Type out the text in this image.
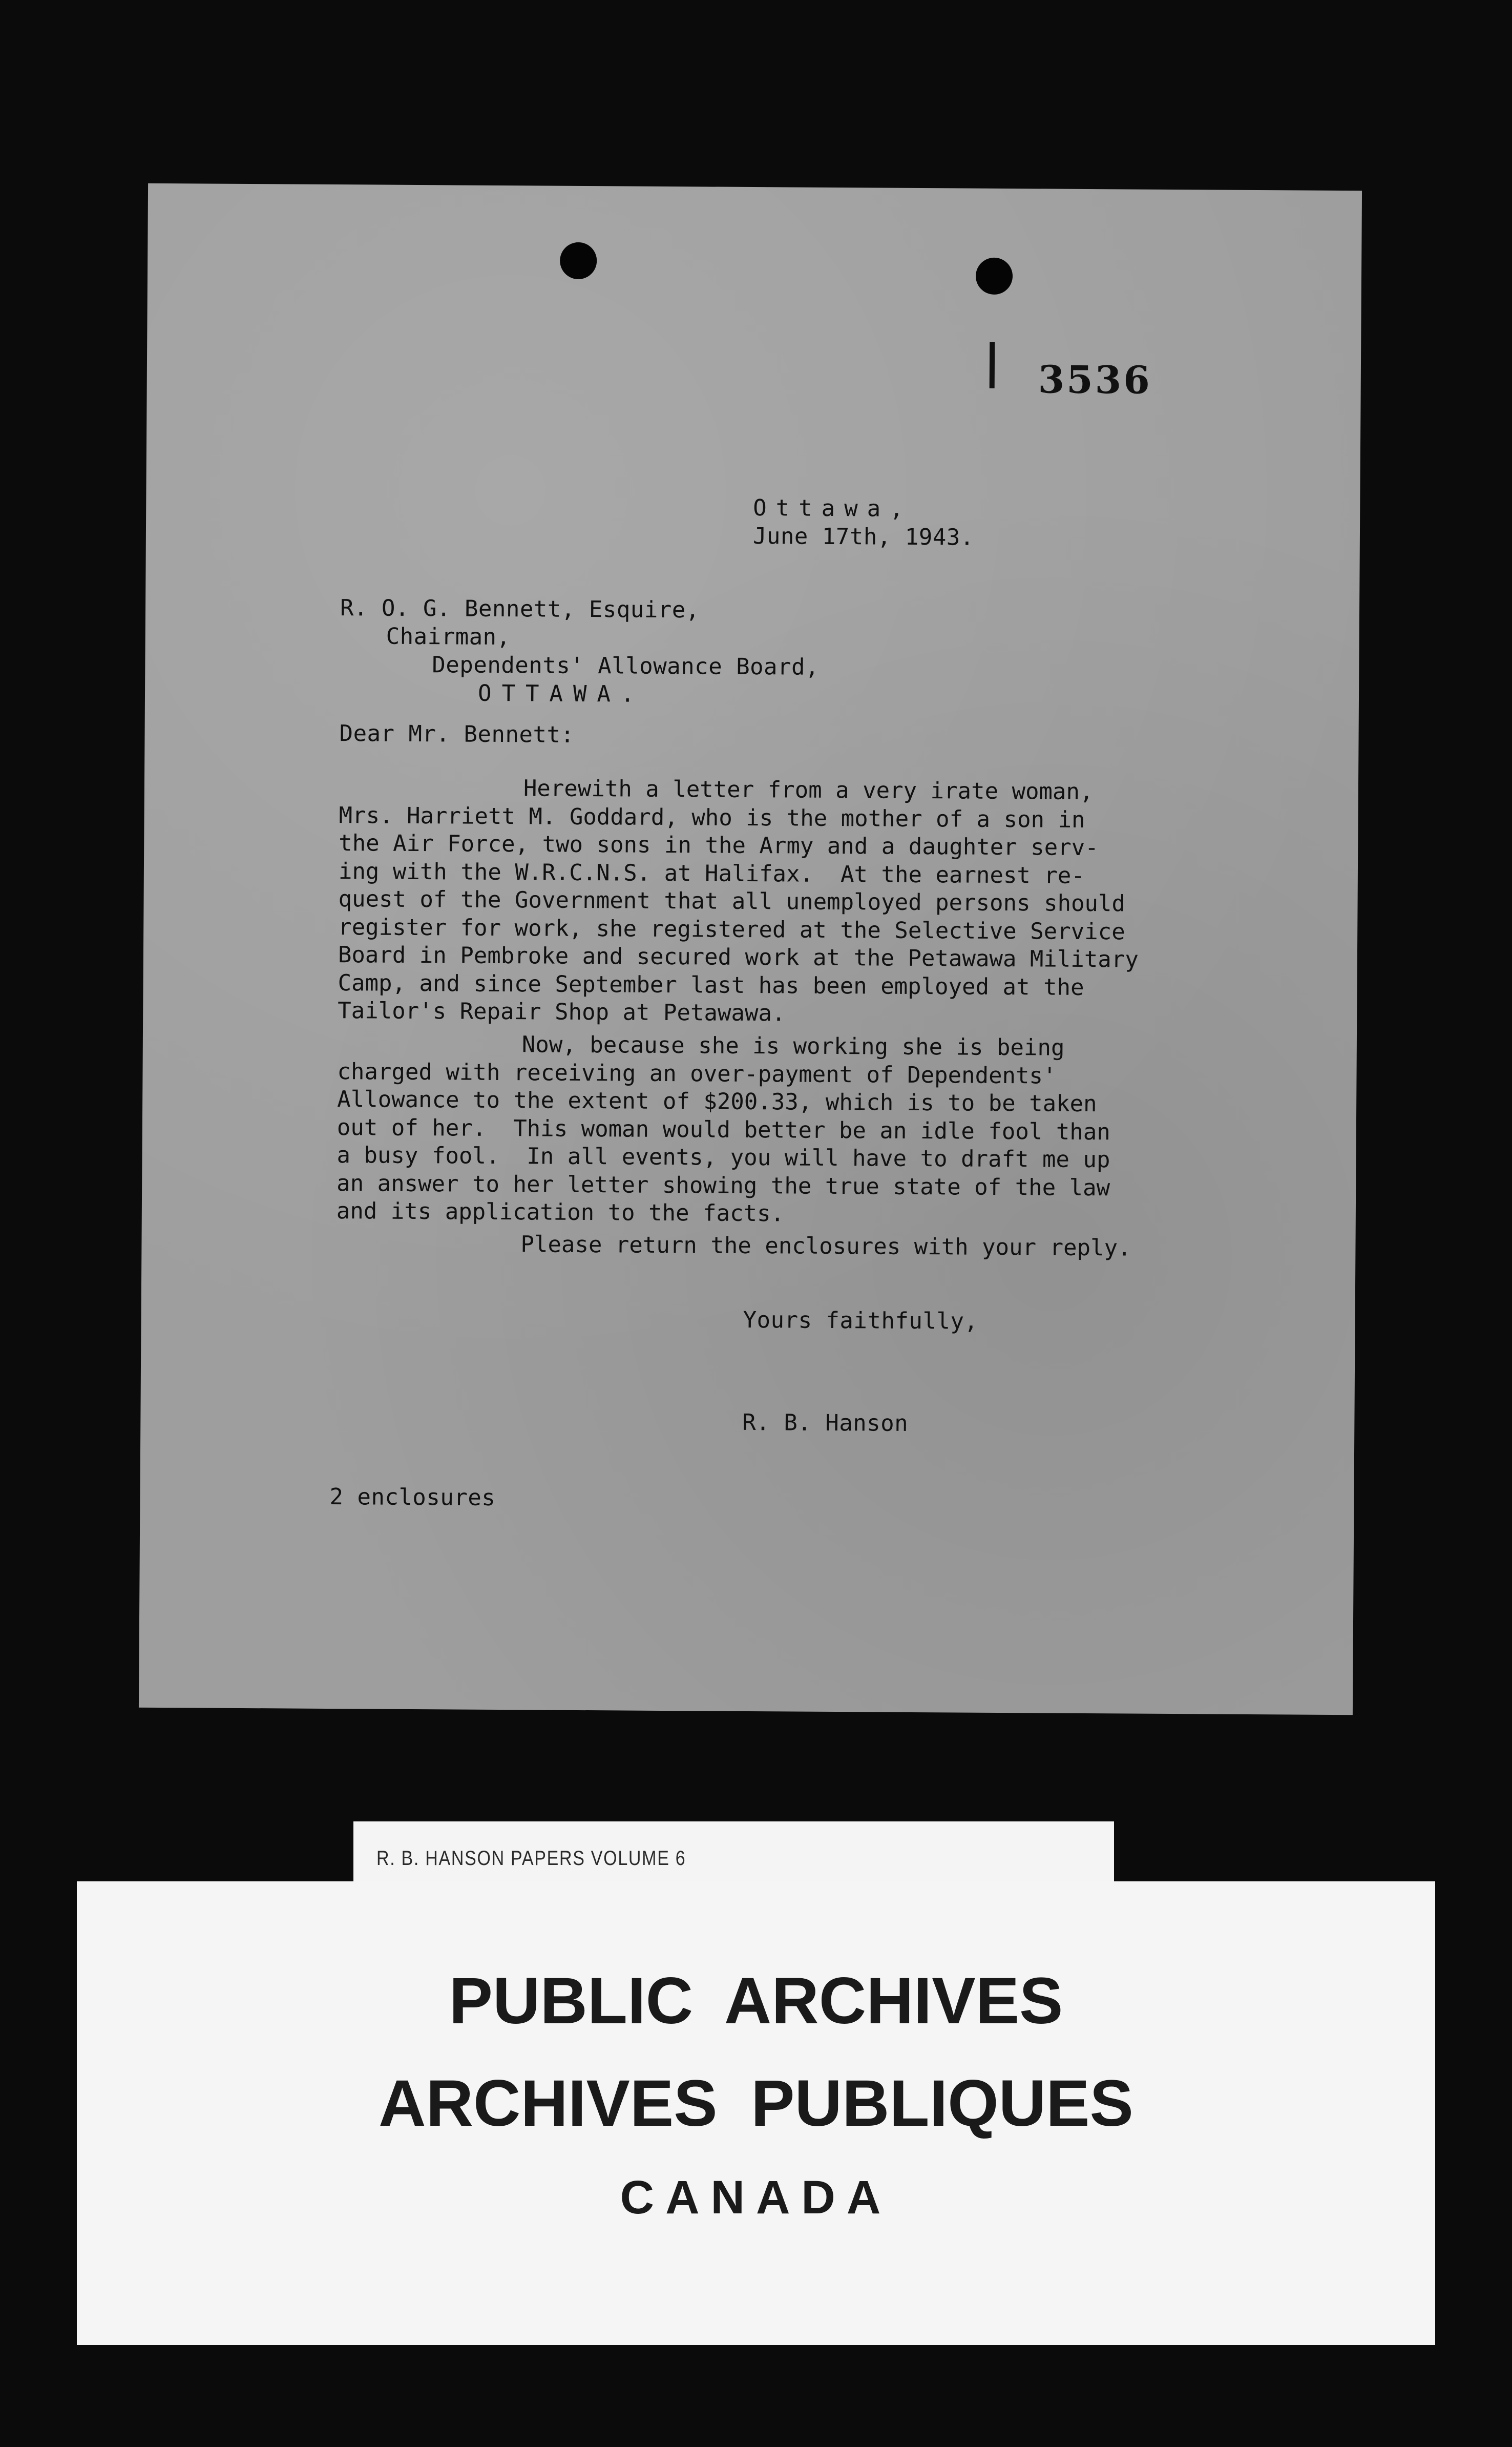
3536
Ottawa,
June 17th, 1943.
R. O. G. Bennett, Esquire,
Chairman,
Dependents' Allowance Board,
OTTAWA.
Dear Mr. Bennett:
Herewith a letter from a very irate woman,
Mrs. Harriett M. Goddard, who is the mother of a son in
the Air Force, two sons in the Army and a daughter serv-
ing with the W.R.C.N.S. at Halifax.  At the earnest re-
quest of the Government that all unemployed persons should
register for work, she registered at the Selective Service
Board in Pembroke and secured work at the Petawawa Military
Camp, and since September last has been employed at the
Tailor's Repair Shop at Petawawa.
Now, because she is working she is being
charged with receiving an over-payment of Dependents'
Allowance to the extent of $200.33, which is to be taken
out of her.  This woman would better be an idle fool than
a busy fool.  In all events, you will have to draft me up
an answer to her letter showing the true state of the law
and its application to the facts.
Please return the enclosures with your reply.
Yours faithfully,
R. B. Hanson
2 enclosures
R. B. HANSON PAPERS VOLUME 6
PUBLIC ARCHIVES
ARCHIVES PUBLIQUES
CANADA
